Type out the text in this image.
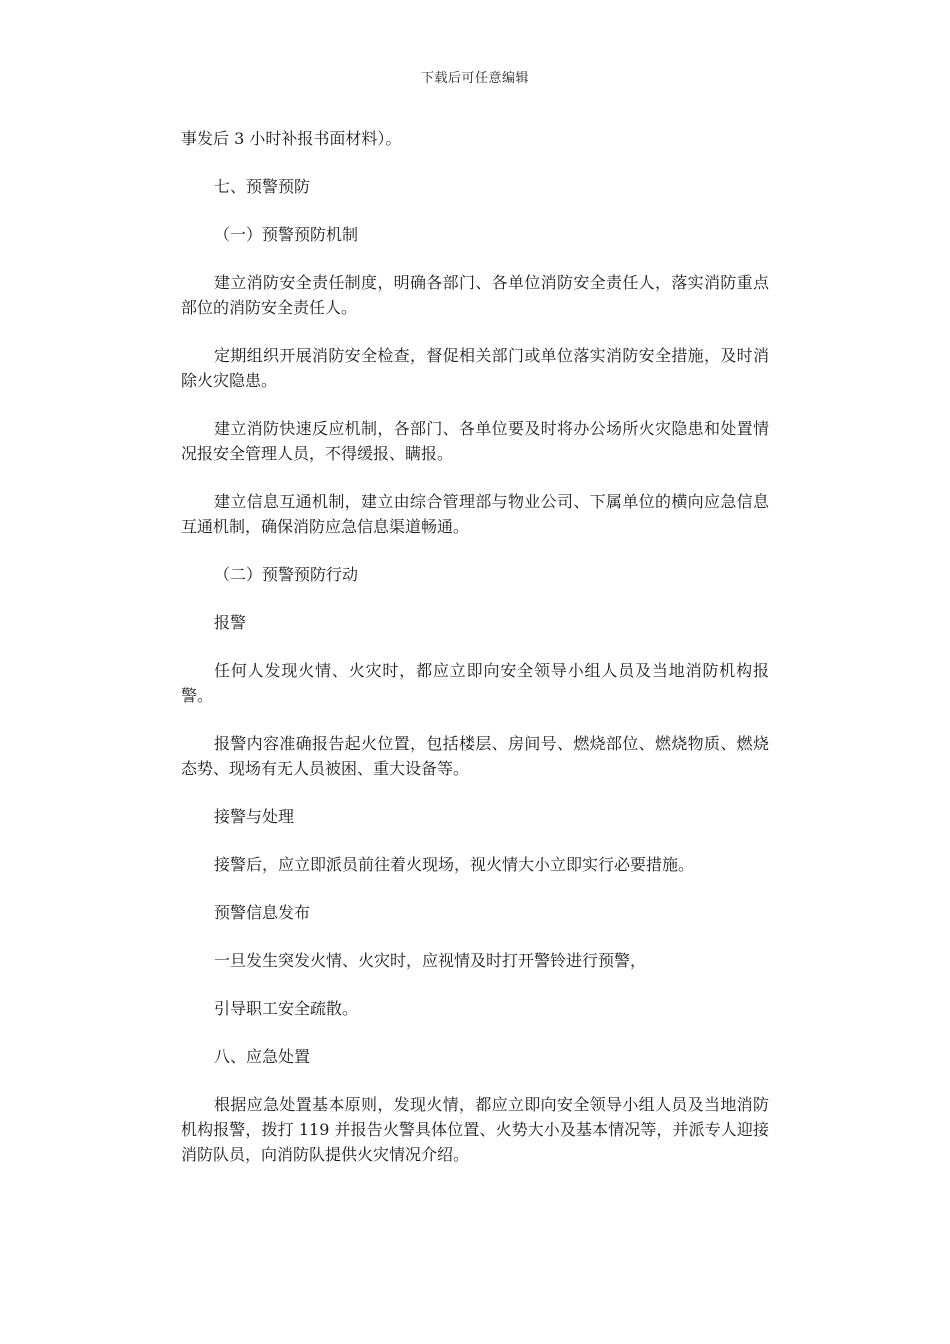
下载后可任意编辑

事发后 3 小时补报书面材料）。

七、预警预防

（一）预警预防机制

建立消防安全责任制度，明确各部门、各单位消防安全责任人，落实消防重点部位的消防安全责任人。

定期组织开展消防安全检查，督促相关部门或单位落实消防安全措施，及时消除火灾隐患。

建立消防快速反应机制，各部门、各单位要及时将办公场所火灾隐患和处置情况报安全管理人员，不得缓报、瞒报。

建立信息互通机制，建立由综合管理部与物业公司、下属单位的横向应急信息互通机制，确保消防应急信息渠道畅通。

（二）预警预防行动

报警

任何人发现火情、火灾时，都应立即向安全领导小组人员及当地消防机构报警。

报警内容准确报告起火位置，包括楼层、房间号、燃烧部位、燃烧物质、燃烧态势、现场有无人员被困、重大设备等。

接警与处理

接警后，应立即派员前往着火现场，视火情大小立即实行必要措施。

预警信息发布

一旦发生突发火情、火灾时，应视情及时打开警铃进行预警，

引导职工安全疏散。

八、应急处置

根据应急处置基本原则，发现火情，都应立即向安全领导小组人员及当地消防机构报警，拨打 119 并报告火警具体位置、火势大小及基本情况等，并派专人迎接消防队员，向消防队提供火灾情况介绍。
